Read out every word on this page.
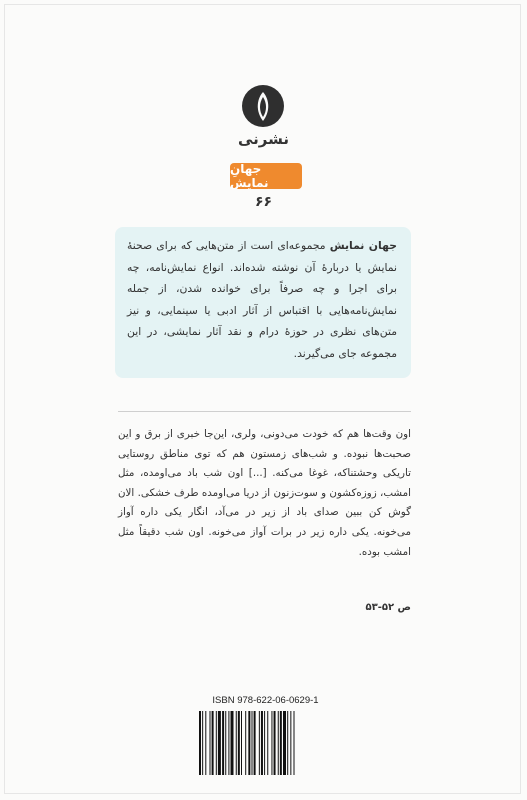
نشرنی
جهانِ نمایش
۶۶
جهان نمایش مجموعه‌ای است از متن‌هایی که برای صحنهٔ نمایش یا دربارهٔ آن نوشته شده‌اند. انواع نمایش‌نامه، چه برای اجرا و چه صرفاً برای خوانده شدن، از جمله نمایش‌نامه‌هایی با اقتباس از آثار ادبی یا سینمایی، و نیز متن‌های نظری در حوزهٔ درام و نقد آثار نمایشی، در این مجموعه جای می‌گیرند.
اون وقت‌ها هم که خودت می‌دونی، ولری، این‌جا خبری از برق و این صحبت‌ها نبوده. و شب‌های زمستون هم که توی مناطق روستایی تاریکی وحشتناکه، غوغا می‌کنه. [...] اون شب باد می‌اومده، مثل امشب، زوزه‌کشون و سوت‌زنون از دریا می‌اومده طرف خشکی. الان گوش کن ببین صدای باد از زیر در می‌آد، انگار یکی داره آواز می‌خونه. یکی داره زیر در برات آواز می‌خونه. اون شب دقیقاً مثل امشب بوده.
ص ۵۲-۵۳
ISBN 978-622-06-0629-1
